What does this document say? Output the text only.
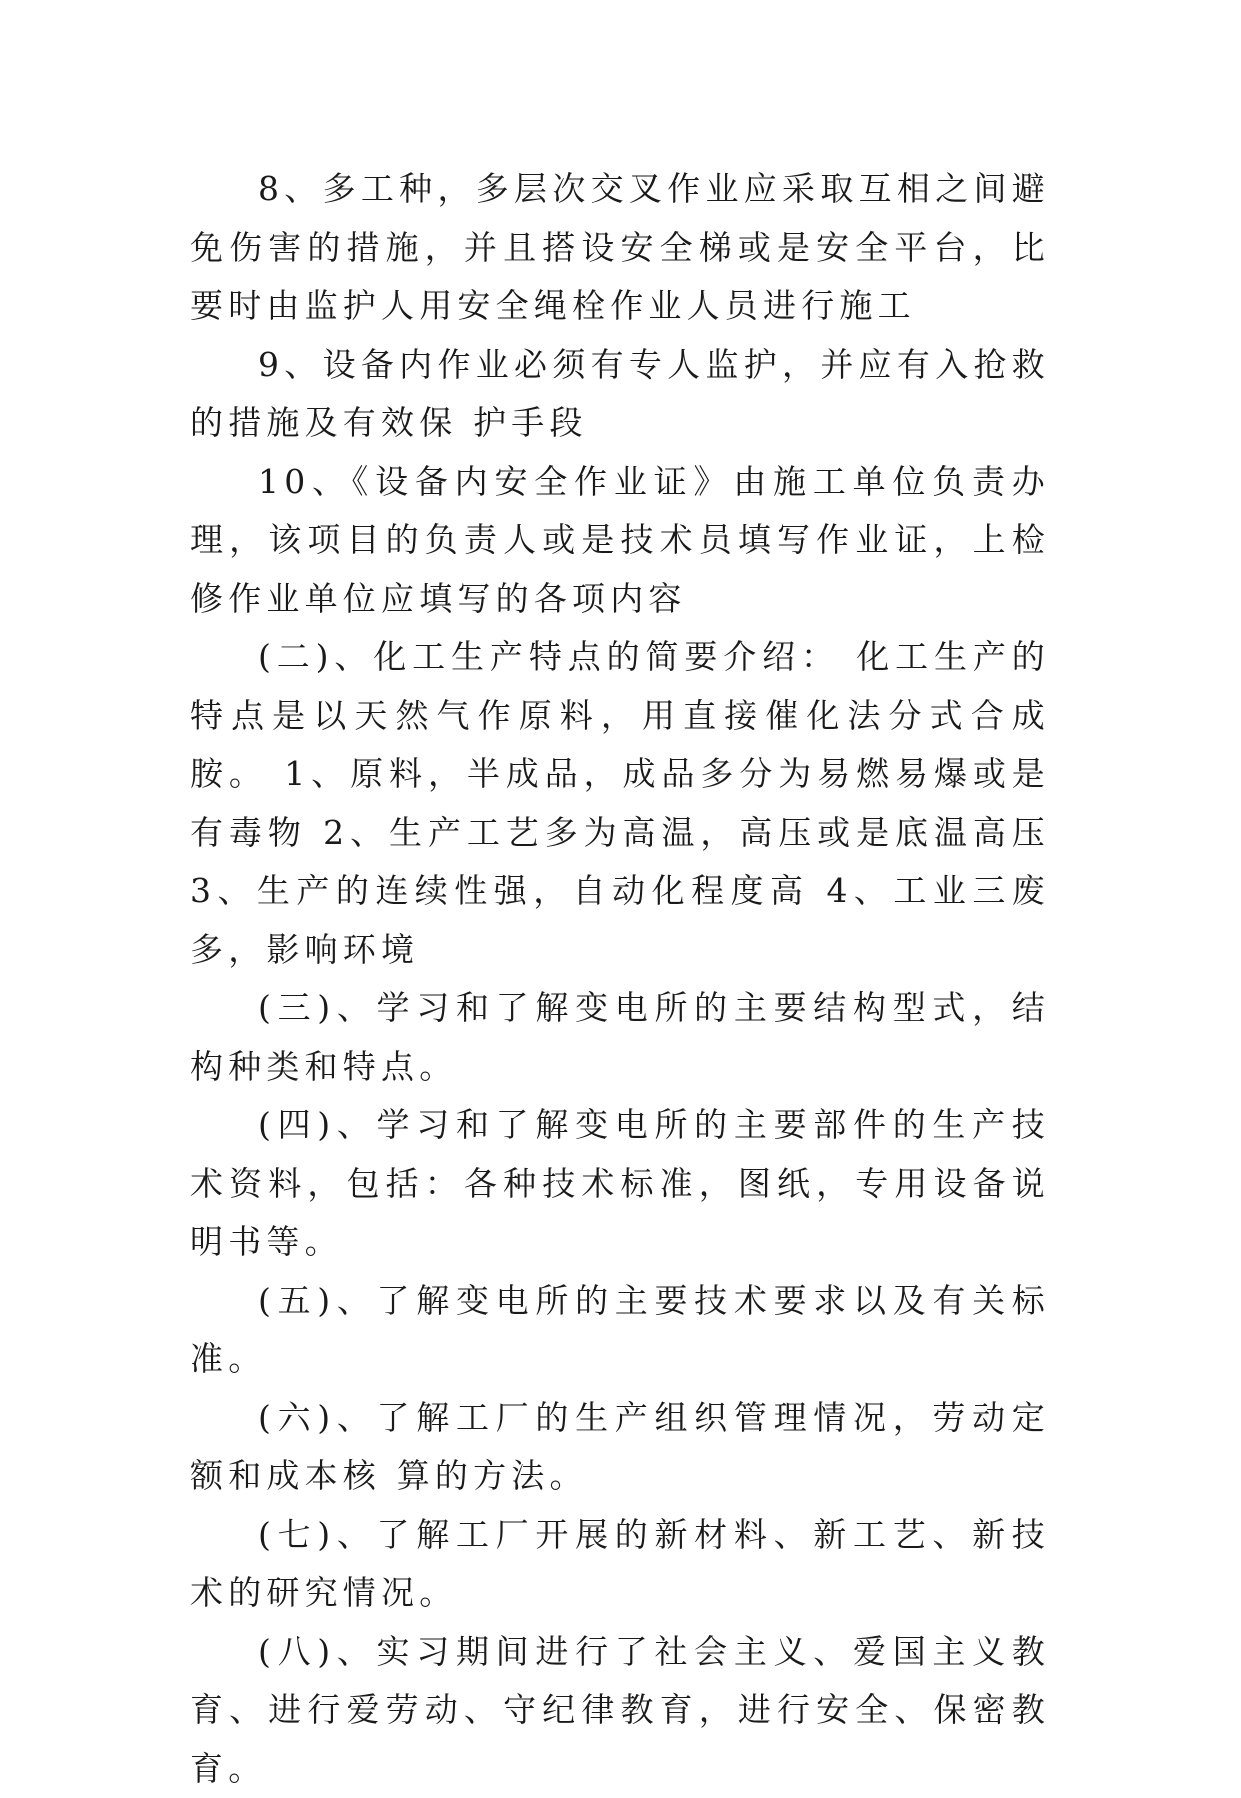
8、多工种，多层次交叉作业应采取互相之间避免伤害的措施，并且搭设安全梯或是安全平台，比要时由监护人用安全绳栓作业人员进行施工

9、设备内作业必须有专人监护，并应有入抢救的措施及有效保 护手段

10、《设备内安全作业证》由施工单位负责办理，该项目的负责人或是技术员填写作业证，上检修作业单位应填写的各项内容

(二)、化工生产特点的简要介绍： 化工生产的特点是以天然气作原料，用直接催化法分式合成胺。 1、原料，半成品，成品多分为易燃易爆或是有毒物 2、生产工艺多为高温，高压或是底温高压 3、生产的连续性强，自动化程度高 4、工业三废多，影响环境

(三)、学习和了解变电所的主要结构型式，结构种类和特点。

(四)、学习和了解变电所的主要部件的生产技术资料，包括：各种技术标准，图纸，专用设备说明书等。

(五)、了解变电所的主要技术要求以及有关标准。

(六)、了解工厂的生产组织管理情况，劳动定额和成本核 算的方法。

(七)、了解工厂开展的新材料、新工艺、新技术的研究情况。

(八)、实习期间进行了社会主义、爱国主义教育、进行爱劳动、守纪律教育，进行安全、保密教育。
